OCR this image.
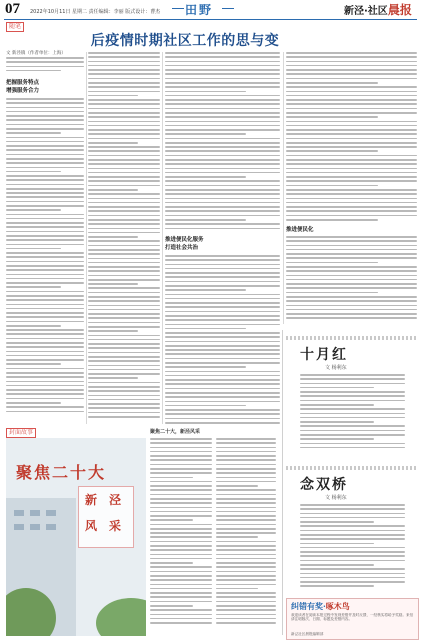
07 2022年10月11日 星期二 责任编辑：李丽 版式设计：曹杰 田野	新泾·社区晨报
随笔
后疫情时期社区工作的思与变
文 新泾镇（作者单位：上海）
把握服务特点
增强服务合力
推进便民化服务
打造社会共治
推进便民化
封面故事
聚焦二十大
新 泾
风 采
聚焦二十大，新泾风采
十月红
文 杨利东
念双桥
文 杨利东
纠错有奖·啄木鸟
欢迎读者在阅读本报过程中发现差错并及时反馈，一经核实将给予奖励。来信请注明版次、日期、标题及差错内容。
新泾社区晨报编辑部
